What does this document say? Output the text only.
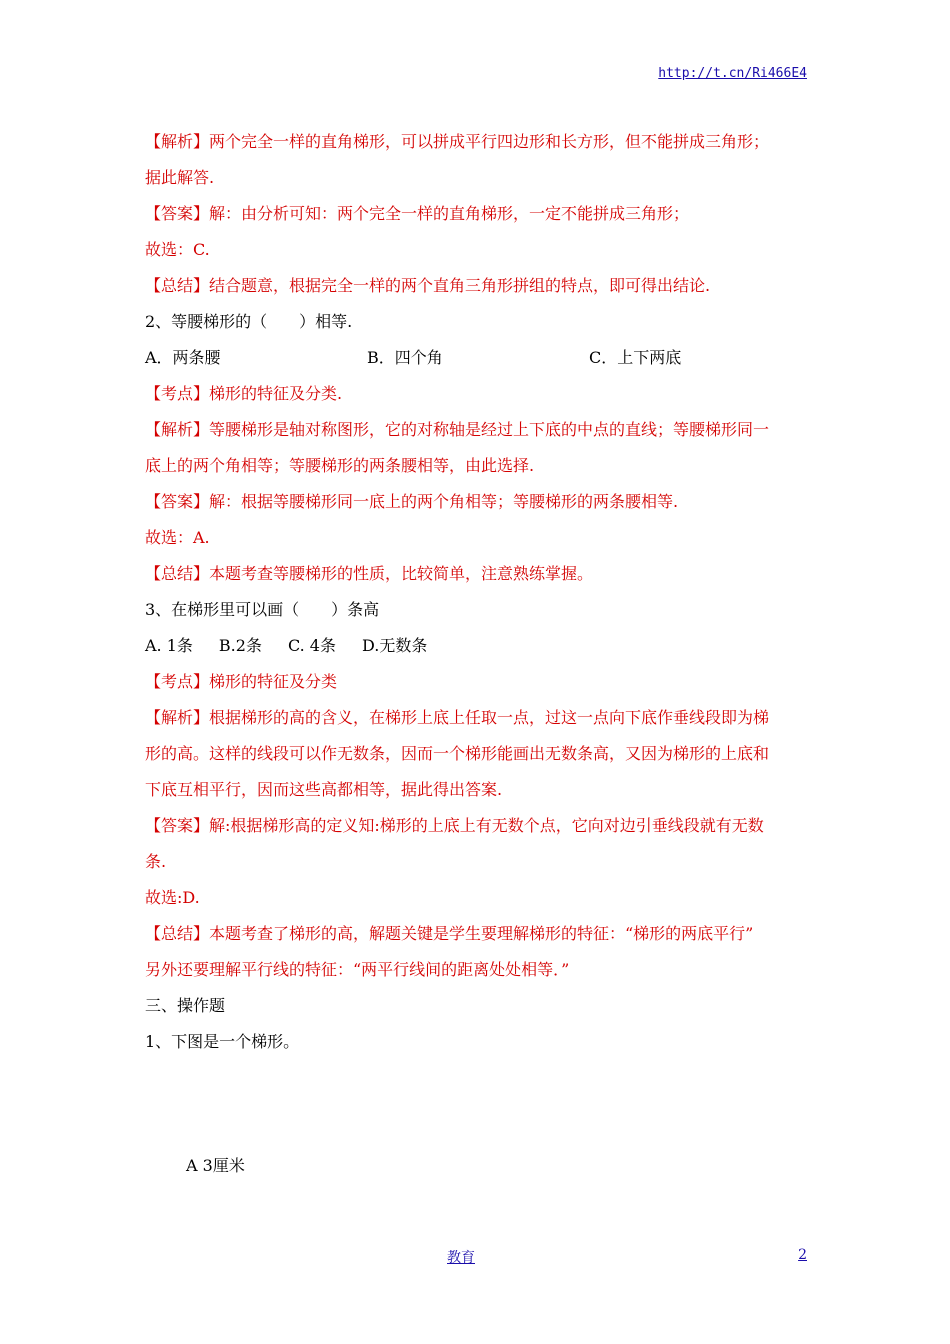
http://t.cn/Ri466E4
【解析】两个完全一样的直角梯形，可以拼成平行四边形和长方形，但不能拼成三角形；
据此解答.
【答案】解：由分析可知：两个完全一样的直角梯形，一定不能拼成三角形；
故选：C.
【总结】结合题意，根据完全一样的两个直角三角形拼组的特点，即可得出结论.
2、等腰梯形的（　　）相等.
A．两条腰	B．四个角	C．上下两底
【考点】梯形的特征及分类.
【解析】等腰梯形是轴对称图形，它的对称轴是经过上下底的中点的直线；等腰梯形同一
底上的两个角相等；等腰梯形的两条腰相等，由此选择.
【答案】解：根据等腰梯形同一底上的两个角相等；等腰梯形的两条腰相等.
故选：A.
【总结】本题考查等腰梯形的性质，比较简单，注意熟练掌握。
3、在梯形里可以画（　　）条高
A. 1条 B.2条 C. 4条 D.无数条
【考点】梯形的特征及分类
【解析】根据梯形的高的含义，在梯形上底上任取一点，过这一点向下底作垂线段即为梯
形的高。这样的线段可以作无数条，因而一个梯形能画出无数条高，又因为梯形的上底和
下底互相平行，因而这些高都相等，据此得出答案.
【答案】解:根据梯形高的定义知:梯形的上底上有无数个点，它向对边引垂线段就有无数
条.
故选:D.
【总结】本题考查了梯形的高，解题关键是学生要理解梯形的特征：“梯形的两底平行”
另外还要理解平行线的特征：“两平行线间的距离处处相等．”
三、操作题
1、下图是一个梯形。
A 3厘米
教育	2
